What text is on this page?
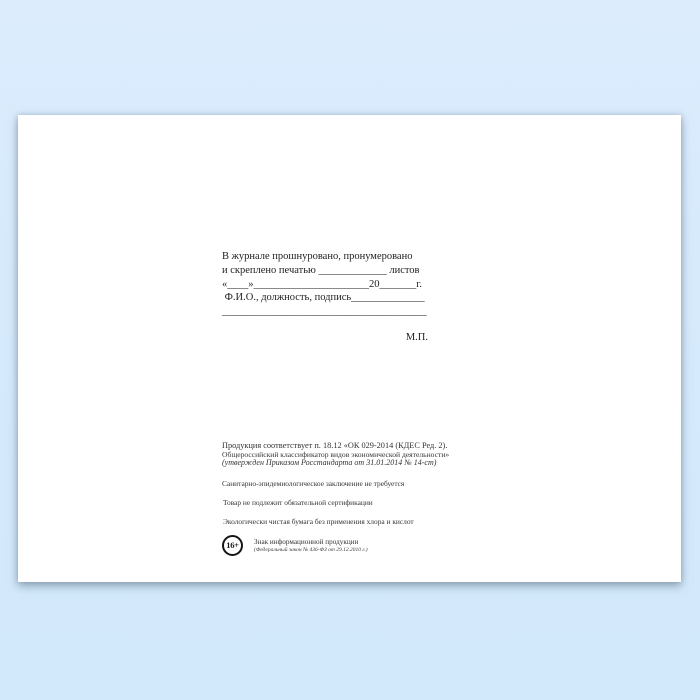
В журнале прошнуровано, пронумеровано
и скреплено печатью _____________ листов
«____»______________________20_______г.
Ф.И.О., должность, подпись______________
_______________________________________
М.П.

Продукция соответствует п. 18.12 «ОК 029-2014 (КДЕС Ред. 2).

Общероссийский классификатор видов экономической деятельности»

(утвержден Приказом Росстандарта от 31.01.2014 № 14-ст)

Санитарно-эпидемиологическое заключение не требуется

Товар не подлежит обязательной сертификации

Экологически чистая бумага без применения хлора и кислот

16+	Знак информационной продукции
(Федеральный закон № 436-ФЗ от 29.12.2010 г.)
